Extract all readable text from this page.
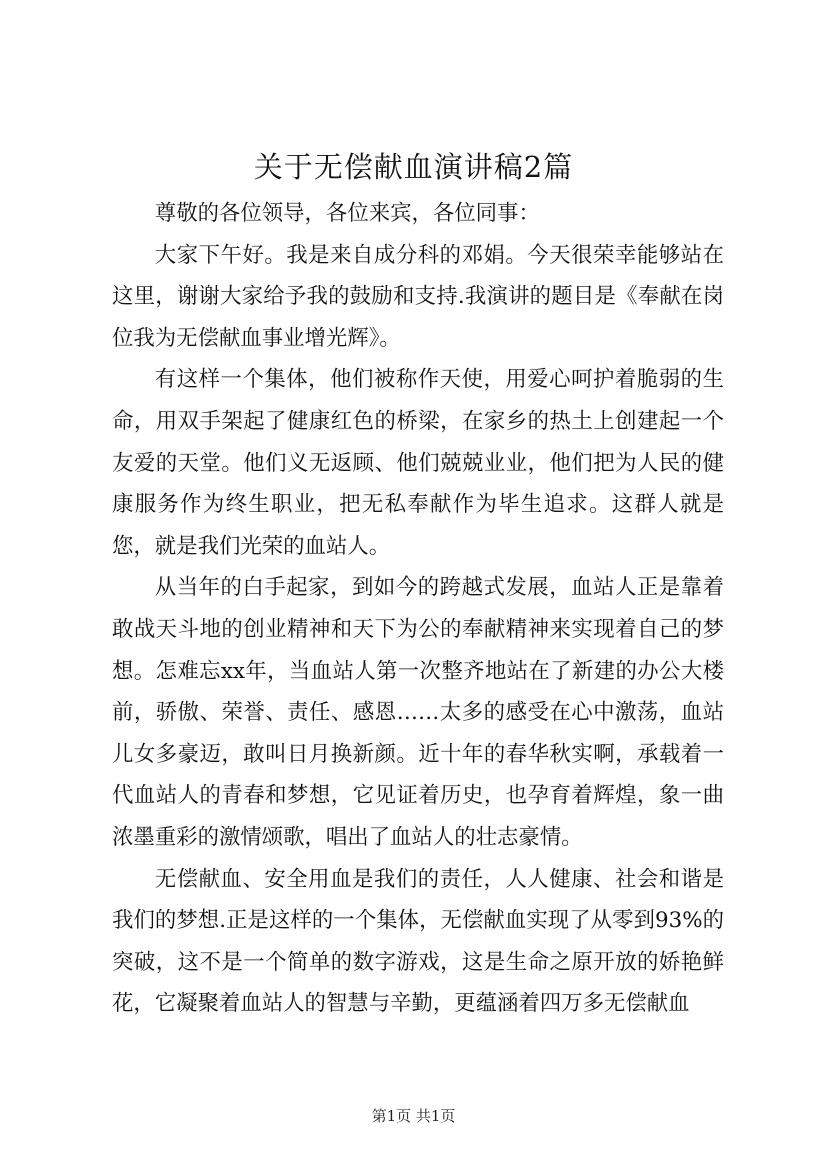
关于无偿献血演讲稿2篇

尊敬的各位领导，各位来宾，各位同事：

大家下午好。我是来自成分科的邓娟。今天很荣幸能够站在这里，谢谢大家给予我的鼓励和支持.我演讲的题目是《奉献在岗位我为无偿献血事业增光辉》。

有这样一个集体，他们被称作天使，用爱心呵护着脆弱的生命，用双手架起了健康红色的桥梁，在家乡的热土上创建起一个友爱的天堂。他们义无返顾、他们兢兢业业，他们把为人民的健康服务作为终生职业，把无私奉献作为毕生追求。这群人就是您，就是我们光荣的血站人。

从当年的白手起家，到如今的跨越式发展，血站人正是靠着敢战天斗地的创业精神和天下为公的奉献精神来实现着自己的梦想。怎难忘xx年，当血站人第一次整齐地站在了新建的办公大楼前，骄傲、荣誉、责任、感恩……太多的感受在心中激荡，血站儿女多豪迈，敢叫日月换新颜。近十年的春华秋实啊，承载着一代血站人的青春和梦想，它见证着历史，也孕育着辉煌，象一曲浓墨重彩的激情颂歌，唱出了血站人的壮志豪情。

无偿献血、安全用血是我们的责任，人人健康、社会和谐是我们的梦想.正是这样的一个集体，无偿献血实现了从零到93%的突破，这不是一个简单的数字游戏，这是生命之原开放的娇艳鲜花，它凝聚着血站人的智慧与辛勤，更蕴涵着四万多无偿献血

第1页 共1页
